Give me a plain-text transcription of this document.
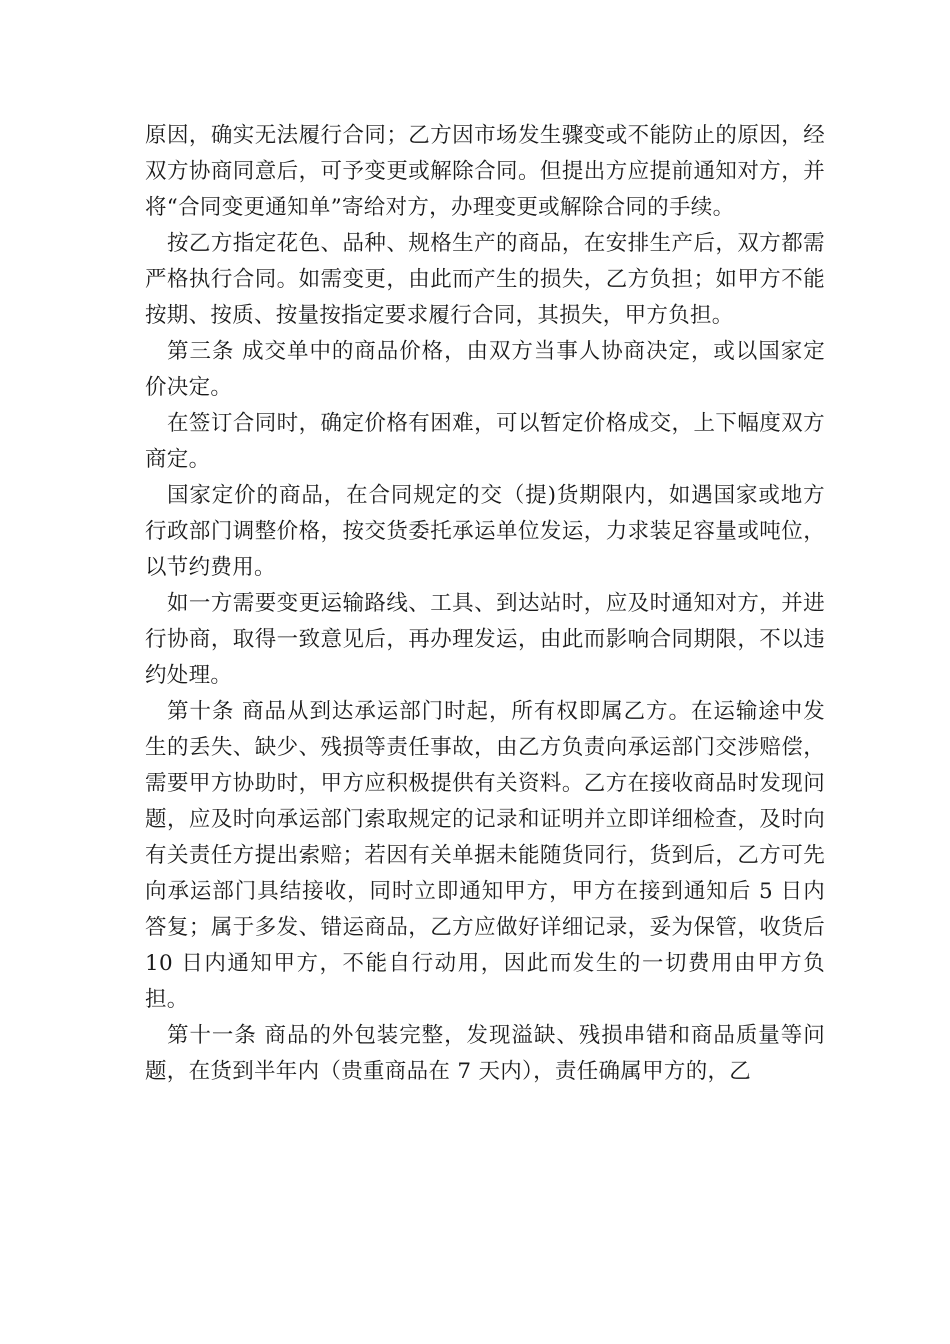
原因，确实无法履行合同；乙方因市场发生骤变或不能防止的原因，经双方协商同意后，可予变更或解除合同。但提出方应提前通知对方，并将“合同变更通知单”寄给对方，办理变更或解除合同的手续。

按乙方指定花色、品种、规格生产的商品，在安排生产后，双方都需严格执行合同。如需变更，由此而产生的损失，乙方负担；如甲方不能按期、按质、按量按指定要求履行合同，其损失，甲方负担。

第三条 成交单中的商品价格，由双方当事人协商决定，或以国家定价决定。

在签订合同时，确定价格有困难，可以暂定价格成交，上下幅度双方商定。

国家定价的商品，在合同规定的交（提)货期限内，如遇国家或地方行政部门调整价格，按交货委托承运单位发运，力求装足容量或吨位，以节约费用。

如一方需要变更运输路线、工具、到达站时，应及时通知对方，并进行协商，取得一致意见后，再办理发运，由此而影响合同期限，不以违约处理。

第十条 商品从到达承运部门时起，所有权即属乙方。在运输途中发生的丢失、缺少、残损等责任事故，由乙方负责向承运部门交涉赔偿，需要甲方协助时，甲方应积极提供有关资料。乙方在接收商品时发现问题，应及时向承运部门索取规定的记录和证明并立即详细检查，及时向有关责任方提出索赔；若因有关单据未能随货同行，货到后，乙方可先向承运部门具结接收，同时立即通知甲方，甲方在接到通知后 5 日内答复；属于多发、错运商品，乙方应做好详细记录，妥为保管，收货后 10 日内通知甲方，不能自行动用，因此而发生的一切费用由甲方负担。

第十一条 商品的外包装完整，发现溢缺、残损串错和商品质量等问题，在货到半年内（贵重商品在 7 天内），责任确属甲方的，乙
